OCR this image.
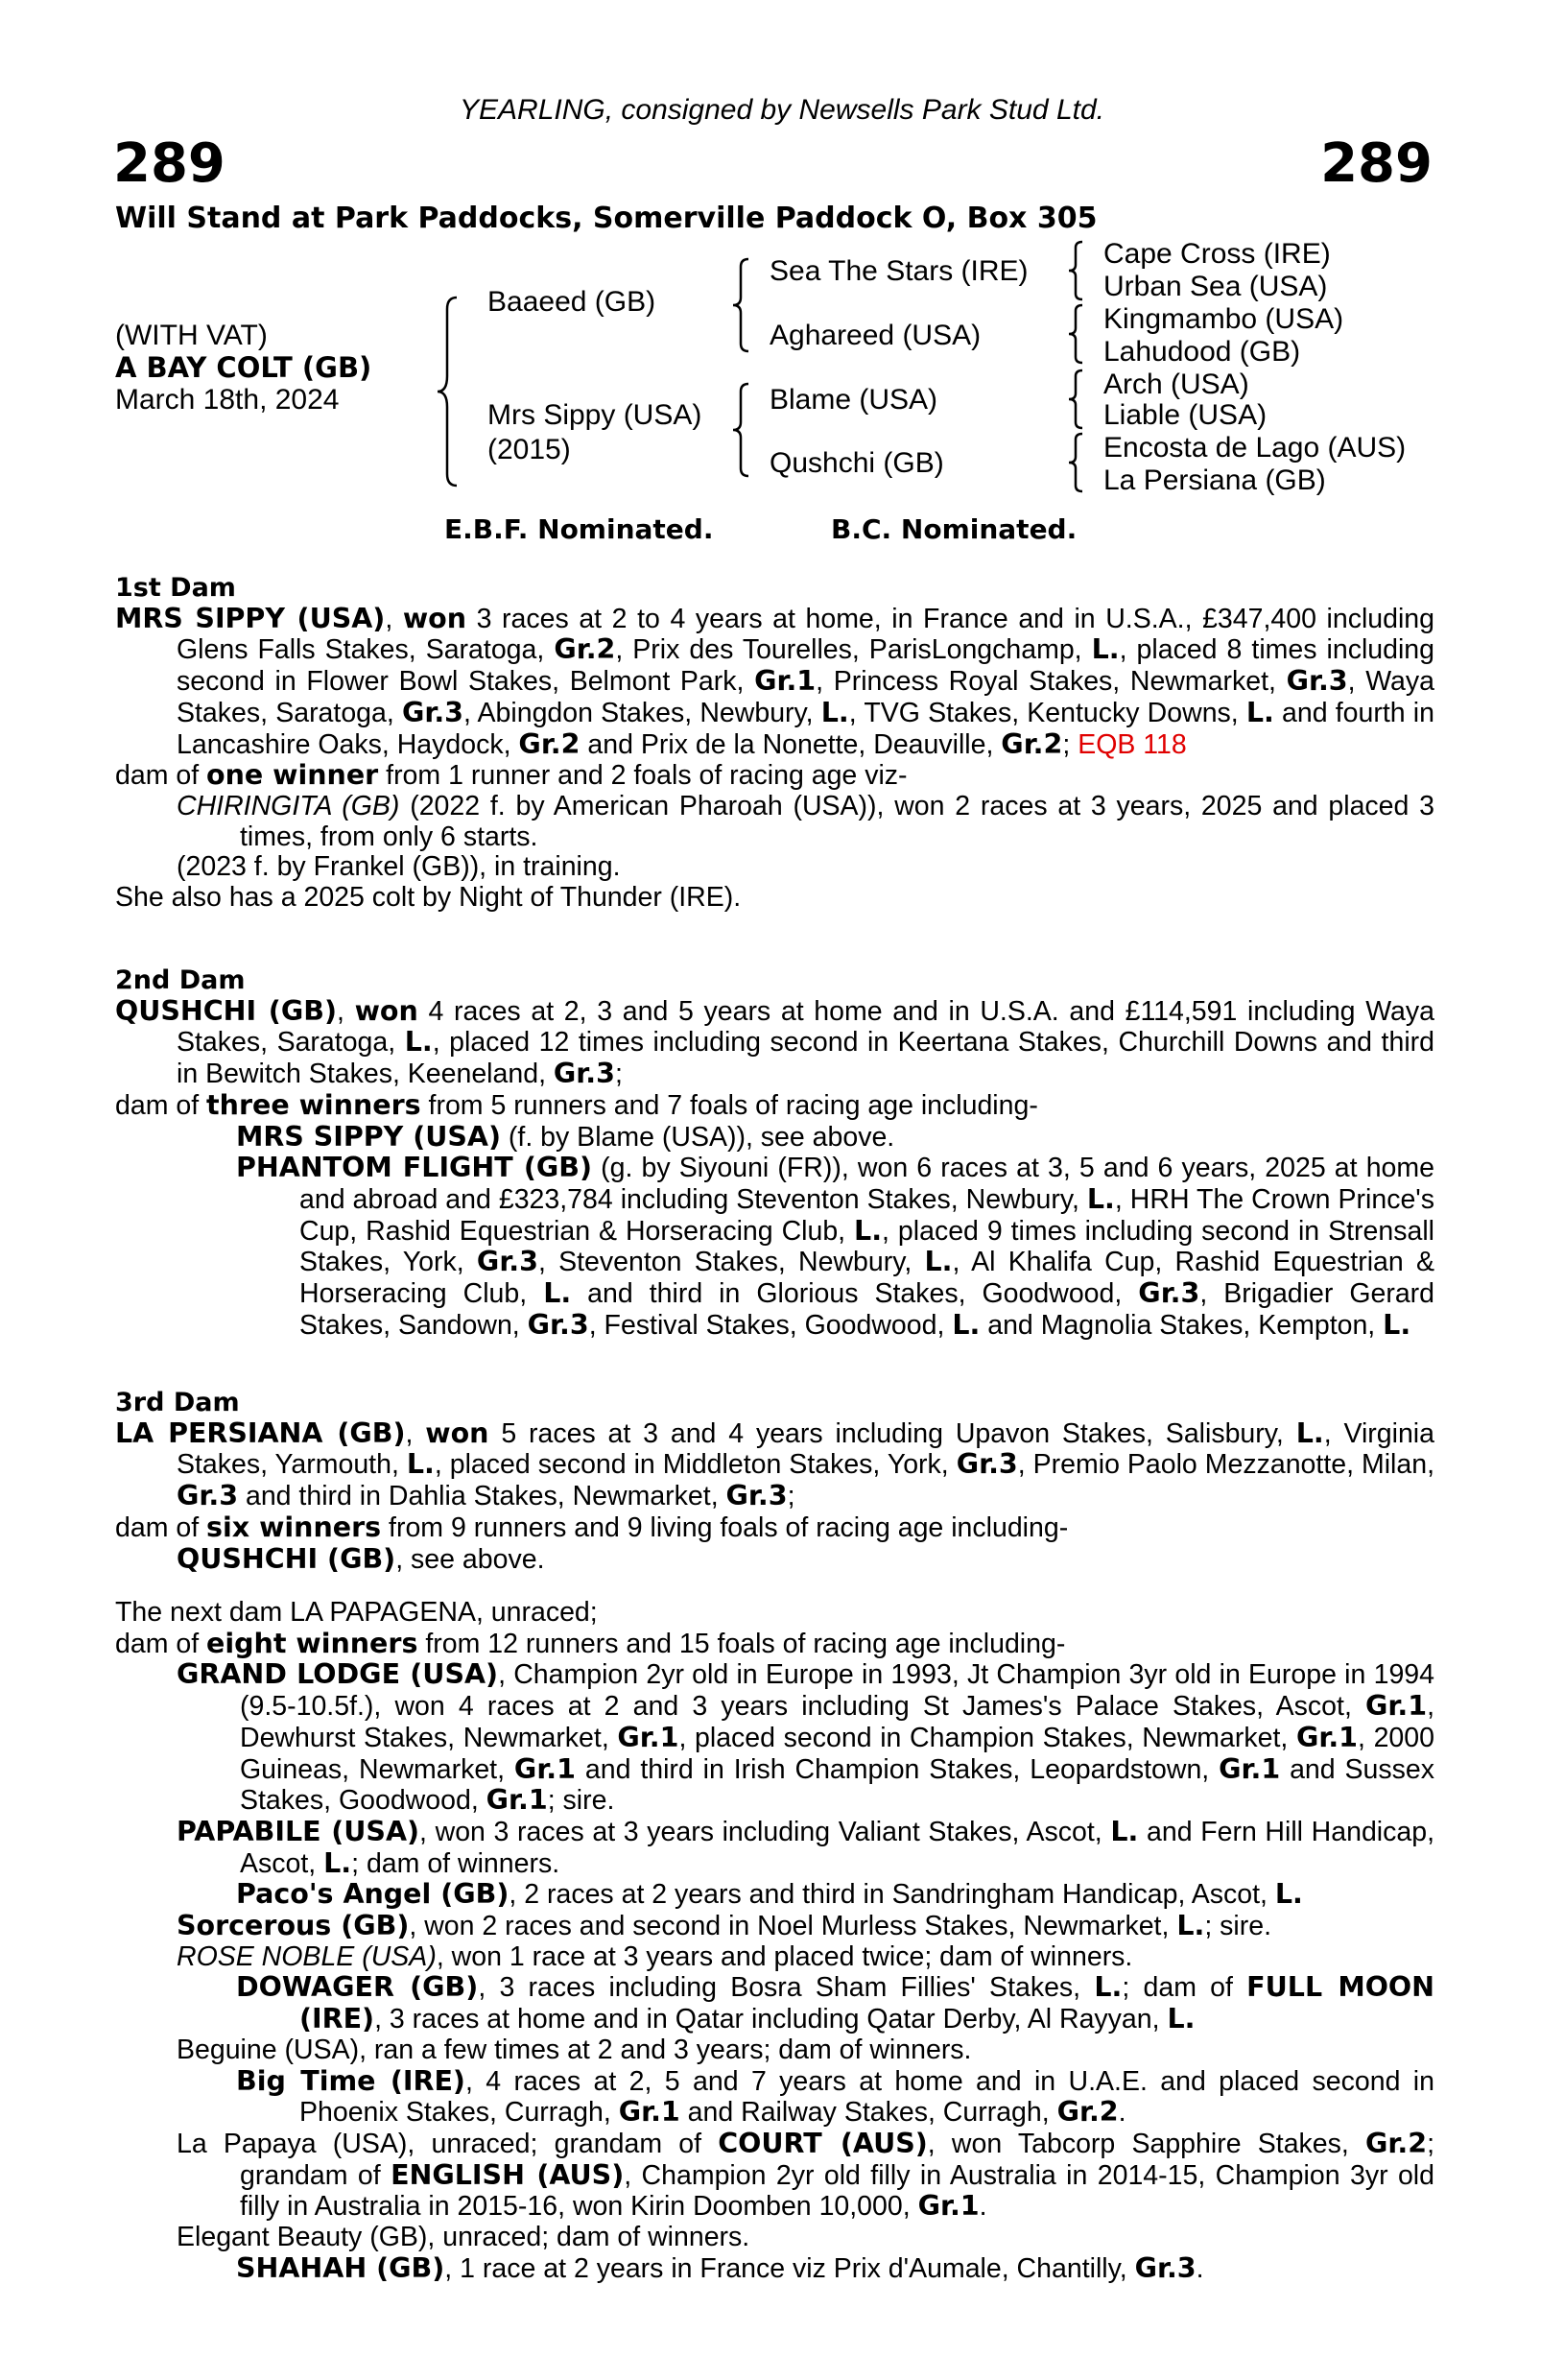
YEARLING, consigned by Newsells Park Stud Ltd.
289	289
Will Stand at Park Paddocks, Somerville Paddock O, Box 305
(WITH VAT)
A BAY COLT (GB)
March 18th, 2024
Baaeed (GB)
Mrs Sippy (USA)
(2015)
Sea The Stars (IRE)
Aghareed (USA)
Blame (USA)
Qushchi (GB)
Cape Cross (IRE)
Urban Sea (USA)
Kingmambo (USA)
Lahudood (GB)
Arch (USA)
Liable (USA)
Encosta de Lago (AUS)
La Persiana (GB)
E.B.F. Nominated.	B.C. Nominated.

1st Dam

MRS SIPPY (USA), won 3 races at 2 to 4 years at home, in France and in U.S.A., £347,400 including Glens Falls Stakes, Saratoga, Gr.2, Prix des Tourelles, ParisLongchamp, L., placed 8 times including second in Flower Bowl Stakes, Belmont Park, Gr.1, Princess Royal Stakes, Newmarket, Gr.3, Waya Stakes, Saratoga, Gr.3, Abingdon Stakes, Newbury, L., TVG Stakes, Kentucky Downs, L. and fourth in Lancashire Oaks, Haydock, Gr.2 and Prix de la Nonette, Deauville, Gr.2; EQB 118

dam of one winner from 1 runner and 2 foals of racing age viz-

CHIRINGITA (GB) (2022 f. by American Pharoah (USA)), won 2 races at 3 years, 2025 and placed 3 times, from only 6 starts.

(2023 f. by Frankel (GB)), in training.

She also has a 2025 colt by Night of Thunder (IRE).

2nd Dam

QUSHCHI (GB), won 4 races at 2, 3 and 5 years at home and in U.S.A. and £114,591 including Waya Stakes, Saratoga, L., placed 12 times including second in Keertana Stakes, Churchill Downs and third in Bewitch Stakes, Keeneland, Gr.3;

dam of three winners from 5 runners and 7 foals of racing age including-

MRS SIPPY (USA) (f. by Blame (USA)), see above.

PHANTOM FLIGHT (GB) (g. by Siyouni (FR)), won 6 races at 3, 5 and 6 years, 2025 at home and abroad and £323,784 including Steventon Stakes, Newbury, L., HRH The Crown Prince's Cup, Rashid Equestrian & Horseracing Club, L., placed 9 times including second in Strensall Stakes, York, Gr.3, Steventon Stakes, Newbury, L., Al Khalifa Cup, Rashid Equestrian & Horseracing Club, L. and third in Glorious Stakes, Goodwood, Gr.3, Brigadier Gerard Stakes, Sandown, Gr.3, Festival Stakes, Goodwood, L. and Magnolia Stakes, Kempton, L.

3rd Dam

LA PERSIANA (GB), won 5 races at 3 and 4 years including Upavon Stakes, Salisbury, L., Virginia Stakes, Yarmouth, L., placed second in Middleton Stakes, York, Gr.3, Premio Paolo Mezzanotte, Milan, Gr.3 and third in Dahlia Stakes, Newmarket, Gr.3;

dam of six winners from 9 runners and 9 living foals of racing age including-

QUSHCHI (GB), see above.

The next dam LA PAPAGENA, unraced;

dam of eight winners from 12 runners and 15 foals of racing age including-

GRAND LODGE (USA), Champion 2yr old in Europe in 1993, Jt Champion 3yr old in Europe in 1994 (9.5-10.5f.), won 4 races at 2 and 3 years including St James's Palace Stakes, Ascot, Gr.1, Dewhurst Stakes, Newmarket, Gr.1, placed second in Champion Stakes, Newmarket, Gr.1, 2000 Guineas, Newmarket, Gr.1 and third in Irish Champion Stakes, Leopardstown, Gr.1 and Sussex Stakes, Goodwood, Gr.1; sire.

PAPABILE (USA), won 3 races at 3 years including Valiant Stakes, Ascot, L. and Fern Hill Handicap, Ascot, L.; dam of winners.

Paco's Angel (GB), 2 races at 2 years and third in Sandringham Handicap, Ascot, L.

Sorcerous (GB), won 2 races and second in Noel Murless Stakes, Newmarket, L.; sire.

ROSE NOBLE (USA), won 1 race at 3 years and placed twice; dam of winners.

DOWAGER (GB), 3 races including Bosra Sham Fillies' Stakes, L.; dam of FULL MOON (IRE), 3 races at home and in Qatar including Qatar Derby, Al Rayyan, L.

Beguine (USA), ran a few times at 2 and 3 years; dam of winners.

Big Time (IRE), 4 races at 2, 5 and 7 years at home and in U.A.E. and placed second in Phoenix Stakes, Curragh, Gr.1 and Railway Stakes, Curragh, Gr.2.

La Papaya (USA), unraced; grandam of COURT (AUS), won Tabcorp Sapphire Stakes, Gr.2; grandam of ENGLISH (AUS), Champion 2yr old filly in Australia in 2014-15, Champion 3yr old filly in Australia in 2015-16, won Kirin Doomben 10,000, Gr.1.

Elegant Beauty (GB), unraced; dam of winners.

SHAHAH (GB), 1 race at 2 years in France viz Prix d'Aumale, Chantilly, Gr.3.
